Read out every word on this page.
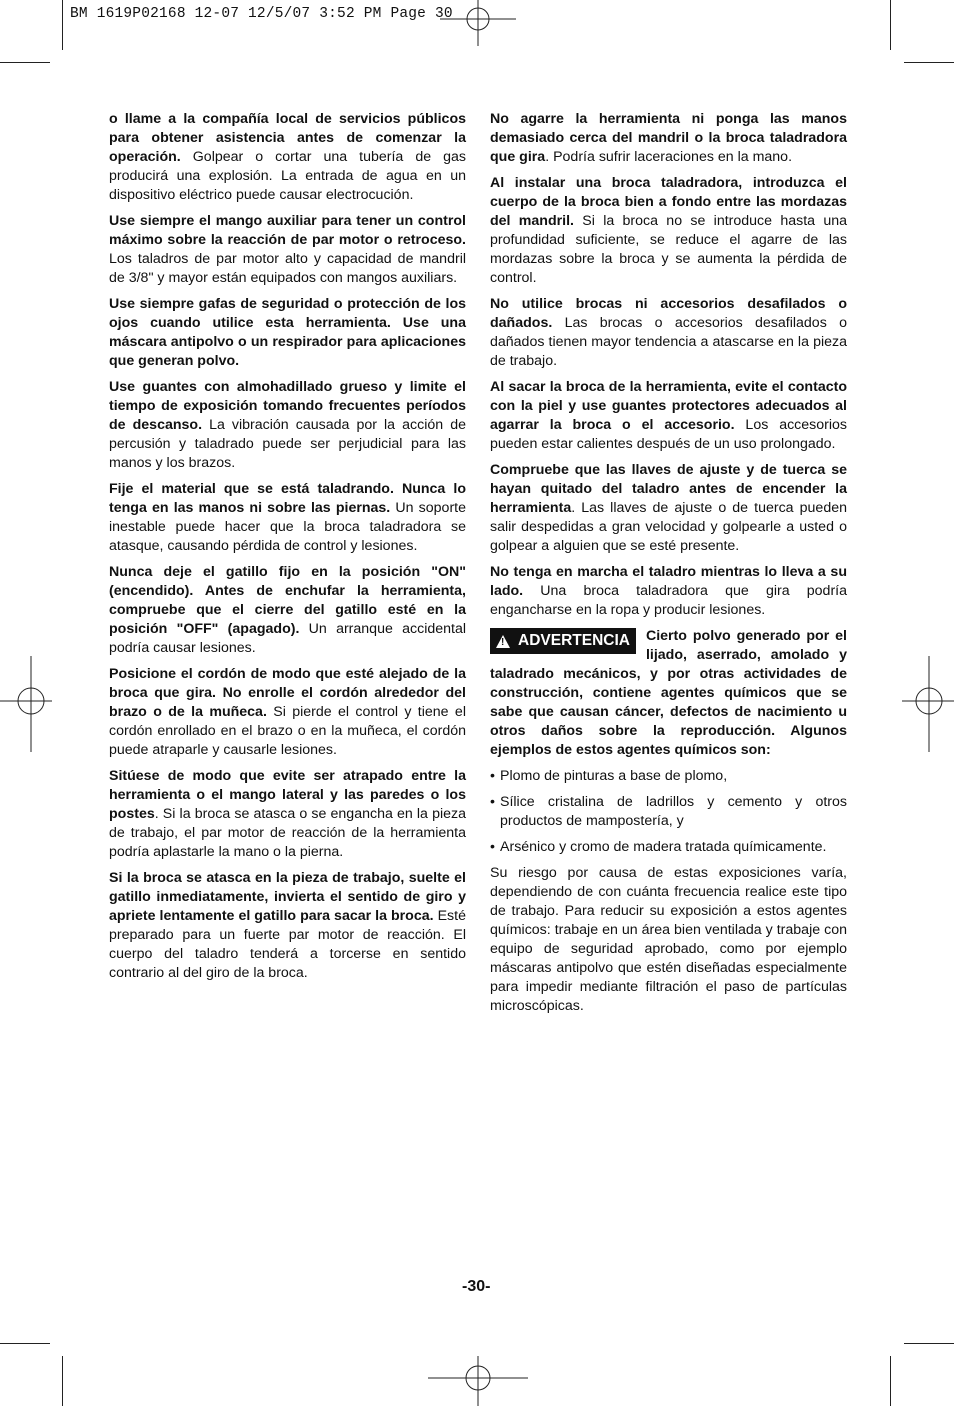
BM 1619P02168 12-07 12/5/07 3:52 PM Page 30

o llame a la compañía local de servicios públicos para obtener asistencia antes de comenzar la operación. Golpear o cortar una tubería de gas producirá una explosión. La entrada de agua en un dispositivo eléctrico puede causar electrocución.

Use siempre el mango auxiliar para tener un control máximo sobre la reacción de par motor o retroceso. Los taladros de par motor alto y capacidad de mandril de 3/8" y mayor están equipados con mangos auxiliars.

Use siempre gafas de seguridad o protección de los ojos cuando utilice esta herramienta. Use una máscara antipolvo o un respirador para aplicaciones que generan polvo.

Use guantes con almohadillado grueso y limite el tiempo de exposición tomando frecuentes períodos de descanso. La vibración causada por la acción de percusión y taladrado puede ser perjudicial para las manos y los brazos.

Fije el material que se está taladrando. Nunca lo tenga en las manos ni sobre las piernas. Un soporte inestable puede hacer que la broca taladradora se atasque, causando pérdida de control y lesiones.

Nunca deje el gatillo fijo en la posición "ON" (encendido). Antes de enchufar la herramienta, compruebe que el cierre del gatillo esté en la posición "OFF" (apagado). Un arranque accidental podría causar lesiones.

Posicione el cordón de modo que esté alejado de la broca que gira. No enrolle el cordón alrededor del brazo o de la muñeca. Si pierde el control y tiene el cordón enrollado en el brazo o en la muñeca, el cordón puede atraparle y causarle lesiones.

Sitúese de modo que evite ser atrapado entre la herramienta o el mango lateral y las paredes o los postes. Si la broca se atasca o se engancha en la pieza de trabajo, el par motor de reacción de la herramienta podría aplastarle la mano o la pierna.

Si la broca se atasca en la pieza de trabajo, suelte el gatillo inmediatamente, invierta el sentido de giro y apriete lentamente el gatillo para sacar la broca. Esté preparado para un fuerte par motor de reacción. El cuerpo del taladro tenderá a torcerse en sentido contrario al del giro de la broca.

No agarre la herramienta ni ponga las manos demasiado cerca del mandril o la broca taladradora que gira. Podría sufrir laceraciones en la mano.

Al instalar una broca taladradora, introduzca el cuerpo de la broca bien a fondo entre las mordazas del mandril. Si la broca no se introduce hasta una profundidad suficiente, se reduce el agarre de las mordazas sobre la broca y se aumenta la pérdida de control.

No utilice brocas ni accesorios desafilados o dañados. Las brocas o accesorios desafilados o dañados tienen mayor tendencia a atascarse en la pieza de trabajo.

Al sacar la broca de la herramienta, evite el contacto con la piel y use guantes protectores adecuados al agarrar la broca o el accesorio. Los accesorios pueden estar calientes después de un uso prolongado.

Compruebe que las llaves de ajuste y de tuerca se hayan quitado del taladro antes de encender la herramienta. Las llaves de ajuste o de tuerca pueden salir despedidas a gran velocidad y golpearle a usted o golpear a alguien que se esté presente.

No tenga en marcha el taladro mientras lo lleva a su lado. Una broca taladradora que gira podría engancharse en la ropa y producir lesiones.

! ADVERTENCIA Cierto polvo generado por el lijado, aserrado, amolado y taladrado mecánicos, y por otras actividades de construcción, contiene agentes químicos que se sabe que causan cáncer, defectos de nacimiento u otros daños sobre la reproducción. Algunos ejemplos de estos agentes químicos son:

• Plomo de pinturas a base de plomo,
• Sílice cristalina de ladrillos y cemento y otros productos de mampostería, y
• Arsénico y cromo de madera tratada químicamente.

Su riesgo por causa de estas exposiciones varía, dependiendo de con cuánta frecuencia realice este tipo de trabajo. Para reducir su exposición a estos agentes químicos: trabaje en un área bien ventilada y trabaje con equipo de seguridad aprobado, como por ejemplo máscaras antipolvo que estén diseñadas especialmente para impedir mediante filtración el paso de partículas microscópicas.

-30-
